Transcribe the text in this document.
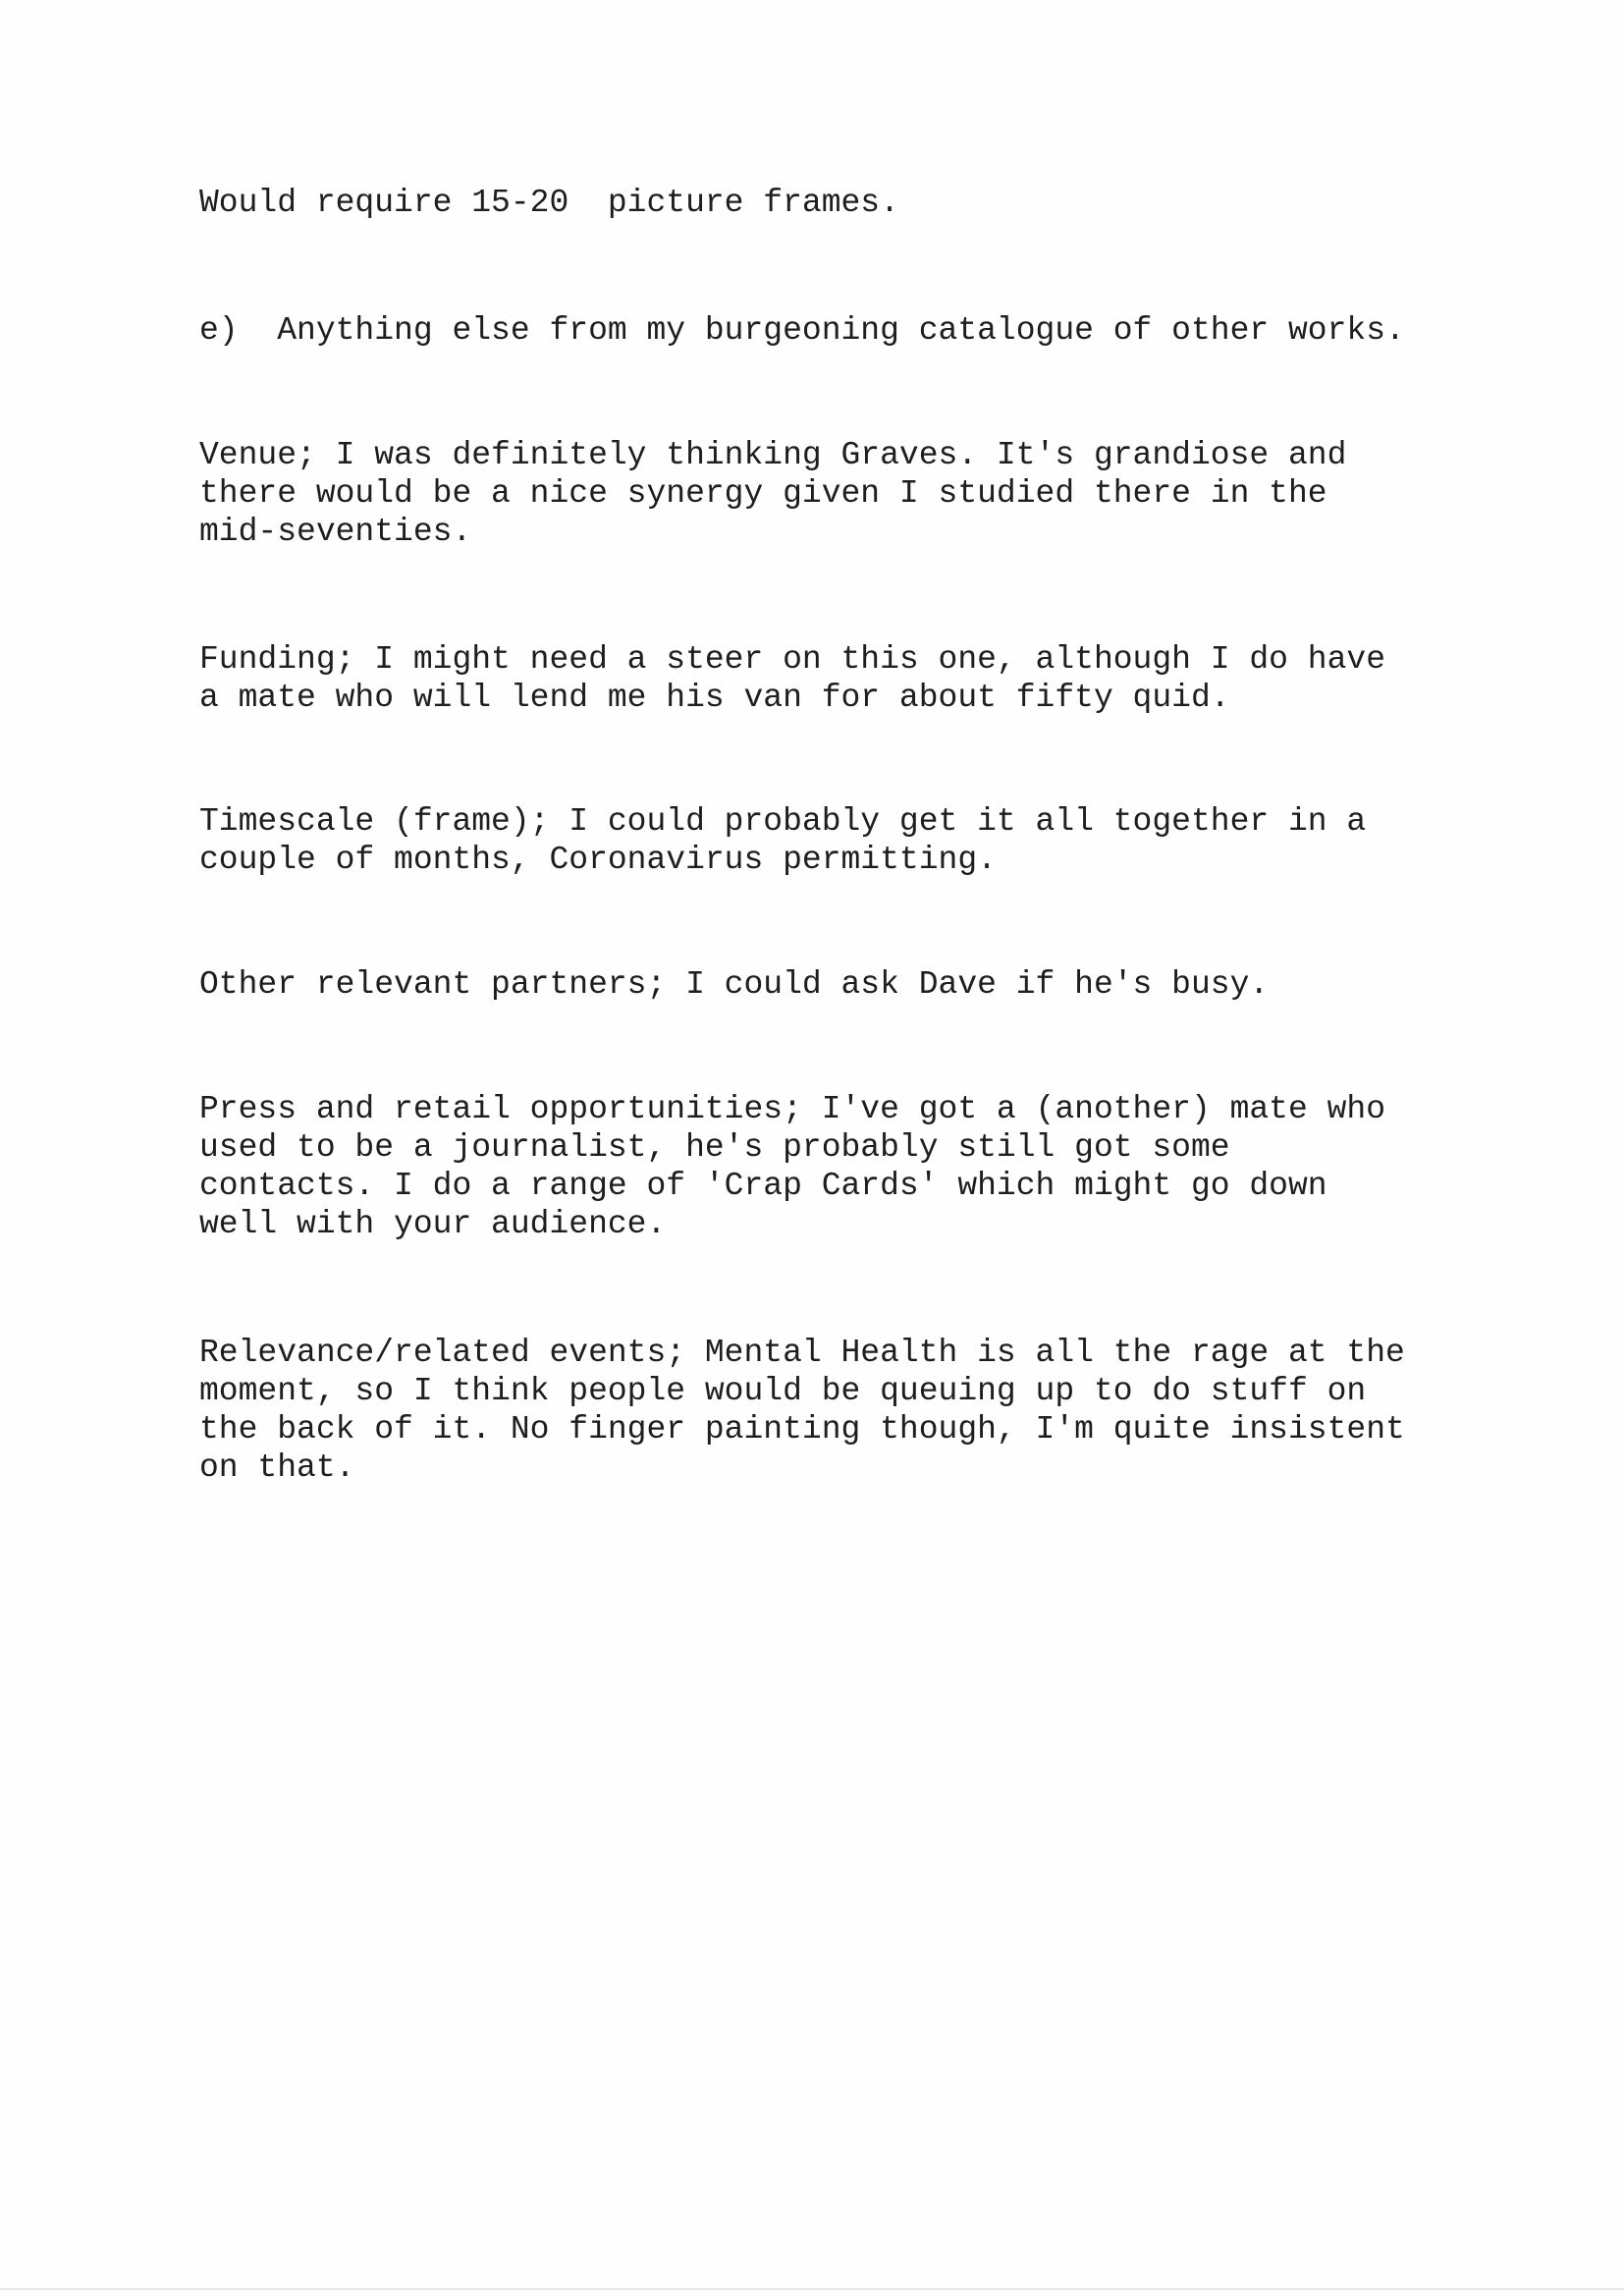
Would require 15-20  picture frames.
e)  Anything else from my burgeoning catalogue of other works.
Venue; I was definitely thinking Graves. It's grandiose and
there would be a nice synergy given I studied there in the
mid-seventies.
Funding; I might need a steer on this one, although I do have
a mate who will lend me his van for about fifty quid.
Timescale (frame); I could probably get it all together in a
couple of months, Coronavirus permitting.
Other relevant partners; I could ask Dave if he's busy.
Press and retail opportunities; I've got a (another) mate who
used to be a journalist, he's probably still got some
contacts. I do a range of 'Crap Cards' which might go down
well with your audience.
Relevance/related events; Mental Health is all the rage at the
moment, so I think people would be queuing up to do stuff on
the back of it. No finger painting though, I'm quite insistent
on that.
